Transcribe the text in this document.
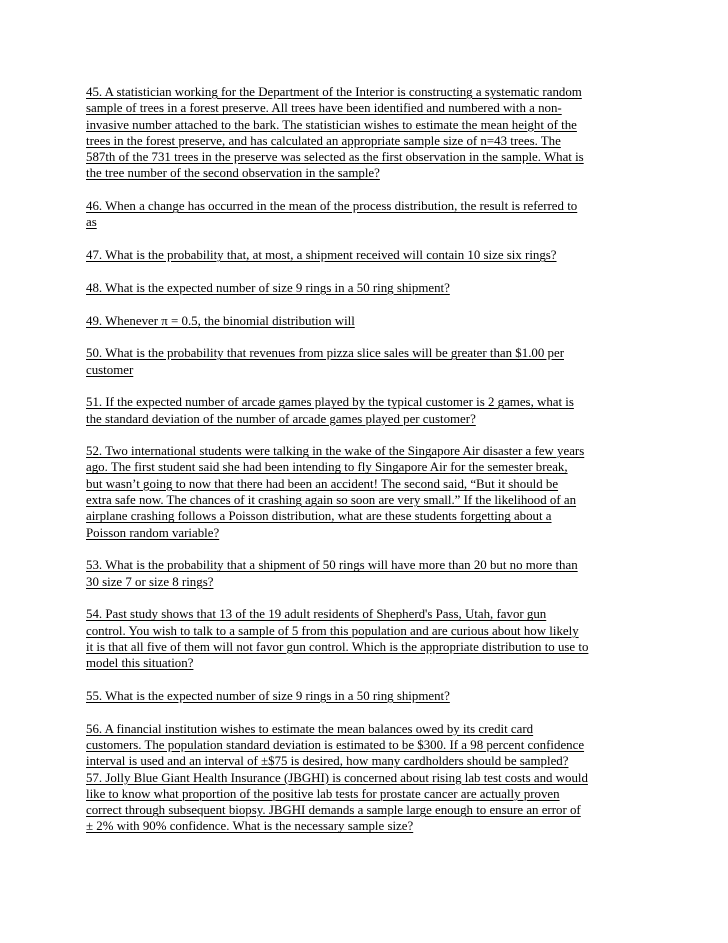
45. A statistician working for the Department of the Interior is constructing a systematic random
sample of trees in a forest preserve. All trees have been identified and numbered with a non-
invasive number attached to the bark. The statistician wishes to estimate the mean height of the
trees in the forest preserve, and has calculated an appropriate sample size of n=43 trees. The
587th of the 731 trees in the preserve was selected as the first observation in the sample. What is
the tree number of the second observation in the sample?

46. When a change has occurred in the mean of the process distribution, the result is referred to
as

47. What is the probability that, at most, a shipment received will contain 10 size six rings?

48. What is the expected number of size 9 rings in a 50 ring shipment?

49. Whenever π = 0.5, the binomial distribution will

50. What is the probability that revenues from pizza slice sales will be greater than $1.00 per
customer

51. If the expected number of arcade games played by the typical customer is 2 games, what is
the standard deviation of the number of arcade games played per customer?

52. Two international students were talking in the wake of the Singapore Air disaster a few years
ago. The first student said she had been intending to fly Singapore Air for the semester break,
but wasn’t going to now that there had been an accident! The second said, “But it should be
extra safe now. The chances of it crashing again so soon are very small.” If the likelihood of an
airplane crashing follows a Poisson distribution, what are these students forgetting about a
Poisson random variable?

53. What is the probability that a shipment of 50 rings will have more than 20 but no more than
30 size 7 or size 8 rings?

54. Past study shows that 13 of the 19 adult residents of Shepherd's Pass, Utah, favor gun
control. You wish to talk to a sample of 5 from this population and are curious about how likely
it is that all five of them will not favor gun control. Which is the appropriate distribution to use to
model this situation?

55. What is the expected number of size 9 rings in a 50 ring shipment?

56. A financial institution wishes to estimate the mean balances owed by its credit card
customers. The population standard deviation is estimated to be $300. If a 98 percent confidence
interval is used and an interval of ±$75 is desired, how many cardholders should be sampled?

57. Jolly Blue Giant Health Insurance (JBGHI) is concerned about rising lab test costs and would
like to know what proportion of the positive lab tests for prostate cancer are actually proven
correct through subsequent biopsy. JBGHI demands a sample large enough to ensure an error of
± 2% with 90% confidence. What is the necessary sample size?
